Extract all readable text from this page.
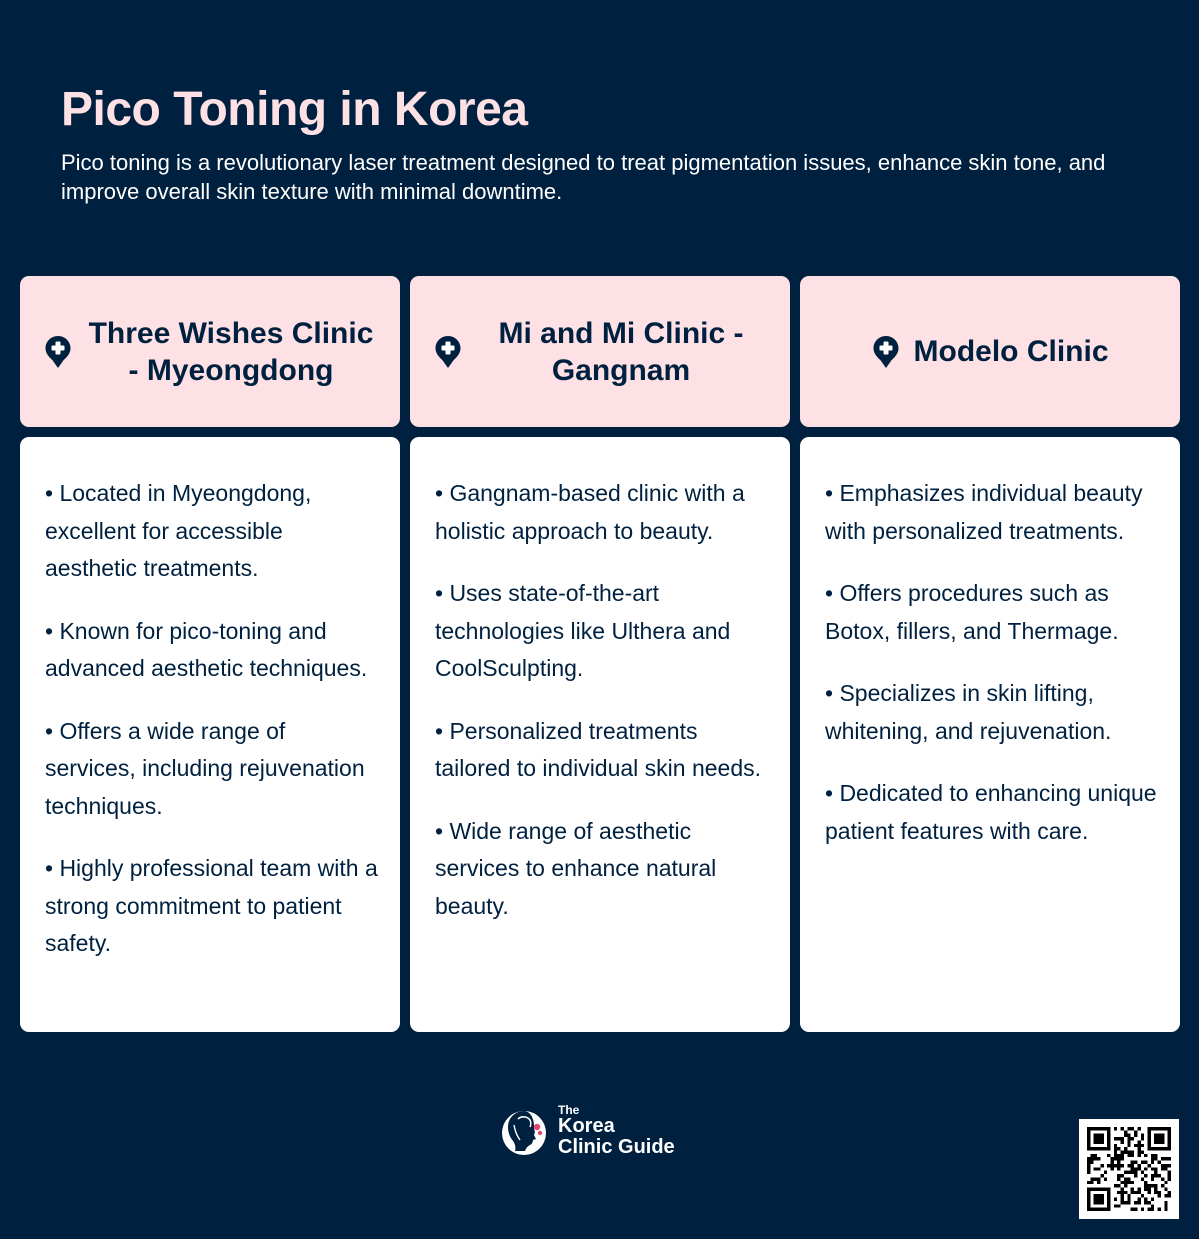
Pico Toning in Korea

Pico toning is a revolutionary laser treatment designed to treat pigmentation issues, enhance skin tone, and improve overall skin texture with minimal downtime.

Three Wishes Clinic - Myeongdong

• Located in Myeongdong, excellent for accessible aesthetic treatments.

• Known for pico-toning and advanced aesthetic techniques.

• Offers a wide range of services, including rejuvenation techniques.

• Highly professional team with a strong commitment to patient safety.

Mi and Mi Clinic - Gangnam

• Gangnam-based clinic with a holistic approach to beauty.

• Uses state-of-the-art technologies like Ulthera and CoolSculpting.

• Personalized treatments tailored to individual skin needs.

• Wide range of aesthetic services to enhance natural beauty.

Modelo Clinic

• Emphasizes individual beauty with personalized treatments.

• Offers procedures such as Botox, fillers, and Thermage.

• Specializes in skin lifting, whitening, and rejuvenation.

• Dedicated to enhancing unique patient features with care.

The
Korea
Clinic Guide
